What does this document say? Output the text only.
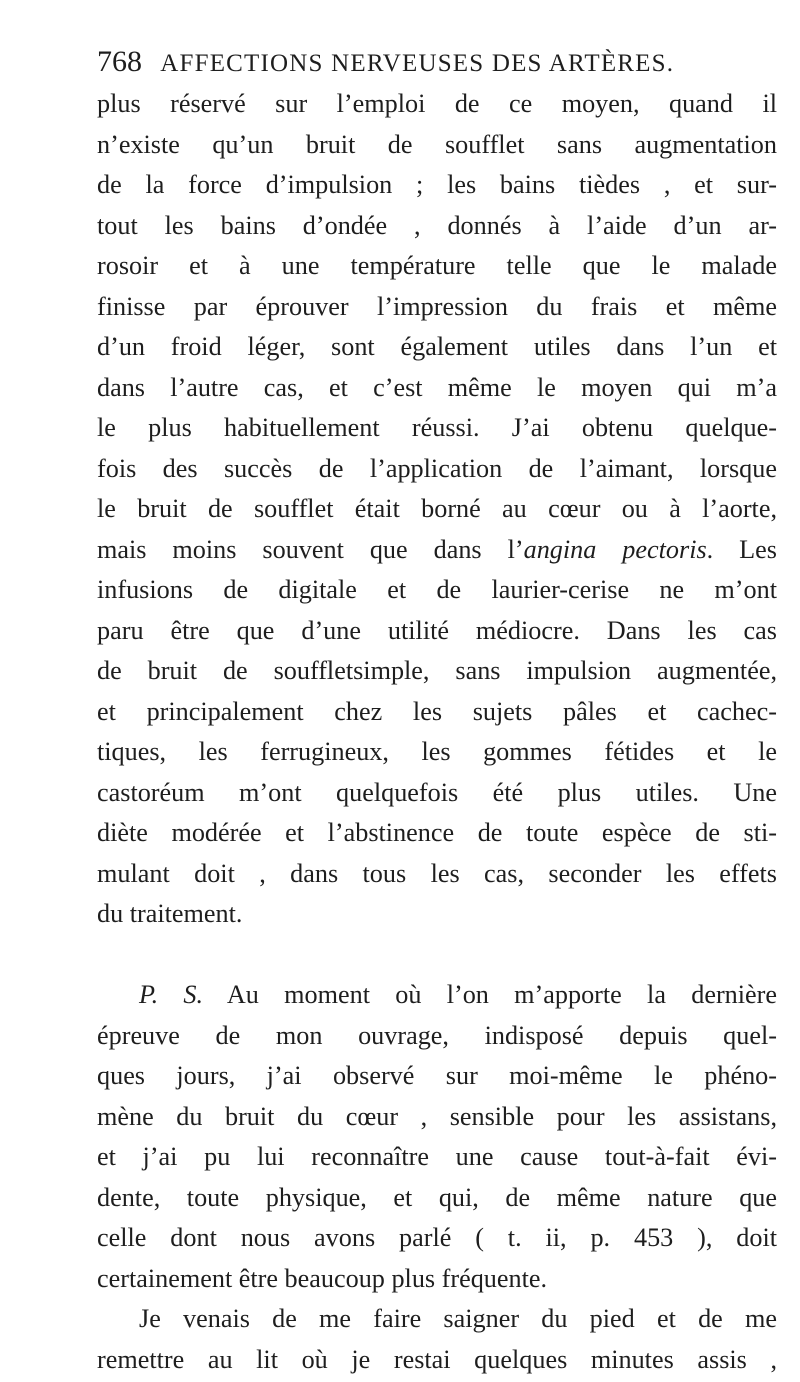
768 AFFECTIONS NERVEUSES DES ARTÈRES.
plus réservé sur l’emploi de ce moyen, quand il
n’existe qu’un bruit de soufflet sans augmentation
de la force d’impulsion ; les bains tièdes , et sur-
tout les bains d’ondée , donnés à l’aide d’un ar-
rosoir et à une température telle que le malade
finisse par éprouver l’impression du frais et même
d’un froid léger, sont également utiles dans l’un et
dans l’autre cas, et c’est même le moyen qui m’a
le plus habituellement réussi. J’ai obtenu quelque-
fois des succès de l’application de l’aimant, lorsque
le bruit de soufflet était borné au cœur ou à l’aorte,
mais moins souvent que dans l’angina pectoris. Les
infusions de digitale et de laurier-cerise ne m’ont
paru être que d’une utilité médiocre. Dans les cas
de bruit de souffletsimple, sans impulsion augmentée,
et principalement chez les sujets pâles et cachec-
tiques, les ferrugineux, les gommes fétides et le
castoréum m’ont quelquefois été plus utiles. Une
diète modérée et l’abstinence de toute espèce de sti-
mulant doit , dans tous les cas, seconder les effets
du traitement.
P. S. Au moment où l’on m’apporte la dernière
épreuve de mon ouvrage, indisposé depuis quel-
ques jours, j’ai observé sur moi-même le phéno-
mène du bruit du cœur , sensible pour les assistans,
et j’ai pu lui reconnaître une cause tout-à-fait évi-
dente, toute physique, et qui, de même nature que
celle dont nous avons parlé ( t. ii, p. 453 ), doit
certainement être beaucoup plus fréquente.
Je venais de me faire saigner du pied et de me
remettre au lit où je restai quelques minutes assis ,
